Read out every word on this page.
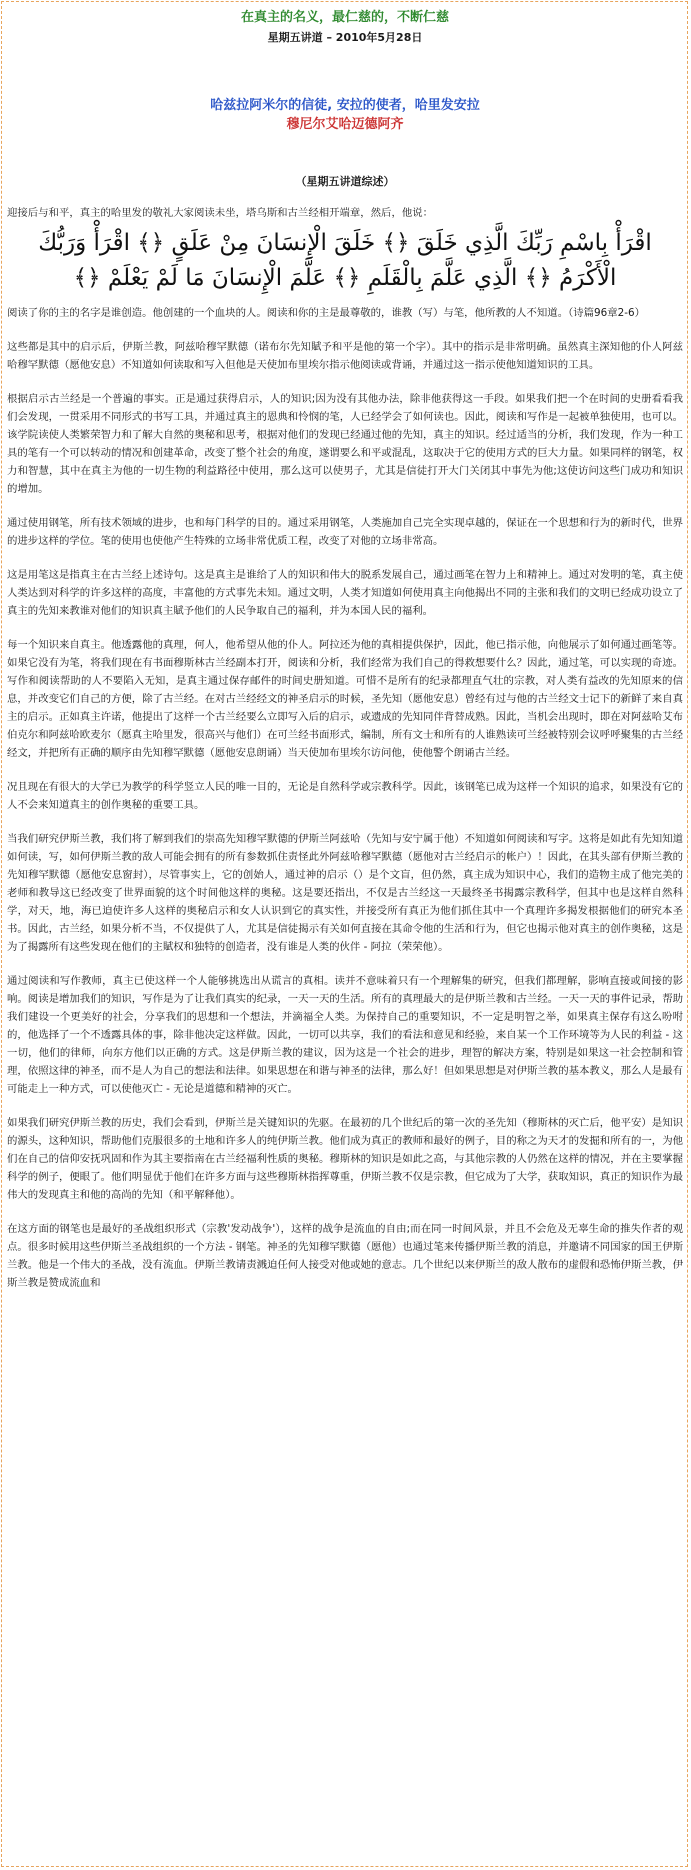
在真主的名义，最仁慈的，不断仁慈
星期五讲道 – 2010年5月28日
哈兹拉阿米尔的信徒, 安拉的使者，哈里发安拉
穆尼尔艾哈迈德阿齐
（星期五讲道综述）

迎接后与和平，真主的哈里发的敬礼大家阅读未坐，塔乌斯和古兰经相开端章，然后，他说：

اقْرَأْ بِاسْمِ رَبِّكَ الَّذِي خَلَقَ ﴿﴾ خَلَقَ الْإِنسَانَ مِنْ عَلَقٍ ﴿﴾ اقْرَأْ وَرَبُّكَ الْأَكْرَمُ ﴿﴾ الَّذِي عَلَّمَ بِالْقَلَمِ ﴿﴾ عَلَّمَ الْإِنسَانَ مَا لَمْ يَعْلَمْ ﴿﴾

阅读了你的主的名字是谁创造。他创建的一个血块的人。阅读和你的主是最尊敬的，谁教（写）与笔，他所教的人不知道。（诗篇96章2-6）

这些都是其中的启示后，伊斯兰教，阿兹哈穆罕默德（诺布尔先知賦予和平是他的第一个字）。其中的指示是非常明确。虽然真主深知他的仆人阿兹哈穆罕默德（愿他安息）不知道如何读取和写入但他是天使加布里埃尔指示他阅读或背诵，并通过这一指示使他知道知识的工具。

根据启示古兰经是一个普遍的事实。正是通过获得启示，人的知识;因为没有其他办法，除非他获得这一手段。如果我们把一个在时间的史册看看我们会发现，一贯采用不同形式的书写工具，并通过真主的恩典和怜悯的笔，人已经学会了如何读也。因此，阅读和写作是一起被单独使用，也可以。该学院读使人类繁荣智力和了解大自然的奥秘和思考，根据对他们的发现已经通过他的先知，真主的知识。经过适当的分析，我们发现，作为一种工具的笔有一个可以转动的情况和创建革命，改变了整个社会的角度，遂谓要么和平或混乱，这取决于它的使用方式的巨大力量。如果同样的钢笔，权力和智慧，其中在真主为他的一切生物的利益路径中使用，那么这可以使男子，尤其是信徒打开大门关闭其中事先为他;这使访问这些门成功和知识的增加。

通过使用钢笔，所有技术领域的进步，也和每门科学的目的。通过采用钢笔，人类施加自己完全实现卓越的，保证在一个思想和行为的新时代，世界的进步这样的学位。笔的使用也使他产生特殊的立场非常优质工程，改变了对他的立场非常高。

这是用笔这是指真主在古兰经上述诗句。这是真主是谁给了人的知识和伟大的脱系发展自己，通过画笔在智力上和精神上。通过对发明的笔，真主使人类达到对科学的许多这样的高度，丰富他的方式事先未知。通过文明，人类才知道如何使用真主向他揭出不同的主张和我们的文明已经成功设立了真主的先知来教谁对他们的知识真主賦予他们的人民争取自己的福利，并为本国人民的福利。

每一个知识来自真主。他透露他的真理，何人，他希望从他的仆人。阿拉还为他的真相提供保护，因此，他已指示他，向他展示了如何通过画笔等。如果它没有为笔，将我们现在有书面穆斯林古兰经副本打开，阅读和分析，我们经常为我们自己的得救想要什么？因此，通过笔，可以实现的奇迹。写作和阅读帮助的人不要陷入无知，是真主通过保存邮件的时间史册知道。可惜不是所有的纪录都理直气壮的宗教，对人类有益改的先知原来的信息，并改变它们自己的方便，除了古兰经。在对古兰经经文的神圣启示的时候，圣先知（愿他安息）曾经有过与他的古兰经文士记下的新鲜了来自真主的启示。正如真主许诺，他提出了这样一个古兰经要么立即写入后的启示，或遗成的先知同伴背替成熟。因此，当机会出现时，即在对阿兹哈艾布伯克尔和阿兹哈欧麦尔（愿真主哈里发，很高兴与他们）在可兰经书面形式，编制，所有文士和所有的人谁熟读可兰经被特别会议呼呼聚集的古兰经经文，并把所有正确的顺序由先知穆罕默德（愿他安息朗诵）当天使加布里埃尔访问他，使他警个朗诵古兰经。

况且现在有很大的大学已为教学的科学竖立人民的唯一目的，无论是自然科学或宗教科学。因此，该钢笔已成为这样一个知识的追求，如果没有它的人不会来知道真主的创作奥秘的重要工具。

当我们研究伊斯兰教，我们将了解到我们的崇高先知穆罕默德的伊斯兰阿兹哈（先知与安宁属于他）不知道如何阅读和写字。这将是如此有先知知道如何读，写，如何伊斯兰教的敌人可能会拥有的所有参数抓住责怪此外阿兹哈穆罕默德（愿他对古兰经启示的帐户）！因此，在其头部有伊斯兰教的先知穆罕默德（愿他安息窗封），尽管事实上，它的创始人，通过神的启示（）是个文盲，但仍然，真主成为知识中心，我们的造物主成了他完美的老师和教导这已经改变了世界面貌的这个时间他这样的奥秘。这是要还指出，不仅是古兰经这一天最终圣书揭露宗教科学，但其中也是这样自然科学，对天，地，海已迫使许多人这样的奥秘启示和女人认识到它的真实性，并接受所有真正为他们抓住其中一个真理许多揭发根据他们的研究本圣书。因此，古兰经，如果分析不当，不仅提供了人，尤其是信徒揭示有关如何直接在其命令他的生活和行为，但它也揭示他对真主的创作奥秘，这是为了揭露所有这些发现在他们的主賦权和独特的创造者，没有谁是人类的伙伴 - 阿拉（荣荣他）。

通过阅读和写作教师，真主已使这样一个人能够挑选出从谎言的真相。读并不意味着只有一个理解集的研究，但我们都理解，影响直接或间接的影响。阅读是增加我们的知识，写作是为了让我们真实的纪录，一天一天的生活。所有的真理最大的是伊斯兰教和古兰经。一天一天的事件记录，帮助我们建设一个更美好的社会，分享我们的思想和一个想法，并滴福全人类。为保持自己的重要知识，不一定是明智之举，如果真主保存有这么吩咐的，他选择了一个不透露具体的事，除非他决定这样做。因此，一切可以共享，我们的看法和意见和经验，来自某一个工作环境等为人民的利益 - 这一切，他们的律师，向东方他们以正确的方式。这是伊斯兰教的建议，因为这是一个社会的进步，理智的解决方案，特别是如果这一社会控制和管理，依照这律的神圣，而不是人为自己的想法和法律。如果思想在和谐与神圣的法律，那么好！但如果思想是对伊斯兰教的基本教义，那么人是最有可能走上一种方式，可以使他灭亡 - 无论是道德和精神的灭亡。

如果我们研究伊斯兰教的历史，我们会看到，伊斯兰是关键知识的先驱。在最初的几个世纪后的第一次的圣先知（穆斯林的灭亡后，他平安）是知识的源头，这种知识，帮助他们克服很多的土地和许多人的纯伊斯兰教。他们成为真正的教师和最好的例子，目的称之为天才的发掘和所有的一，为他们在自己的信仰安抚巩固和作为其主要指南在古兰经福利性质的奥秘。穆斯林的知识是如此之高，与其他宗教的人仍然在这样的情况，并在主要掌握科学的例子，便眼了。他们明显优于他们在许多方面与这些穆斯林指挥尊重，伊斯兰教不仅是宗教，但它成为了大学，获取知识，真正的知识作为最伟大的发现真主和他的高尚的先知（和平解释他）。

在这方面的钢笔也是最好的圣战组织形式（宗教'发动战争'），这样的战争是流血的自由;而在同一时间风景，并且不会危及无辜生命的推失作者的观点。很多时候用这些伊斯兰圣战组织的一个方法 - 钢笔。神圣的先知穆罕默德（愿他）也通过笔来传播伊斯兰教的消息，并邀请不同国家的国王伊斯兰教。他是一个伟大的圣战，没有流血。伊斯兰教请责溅迫任何人接受对他或她的意志。几个世纪以来伊斯兰的敌人散布的虚假和恐怖伊斯兰教，伊斯兰教是赞成流血和
